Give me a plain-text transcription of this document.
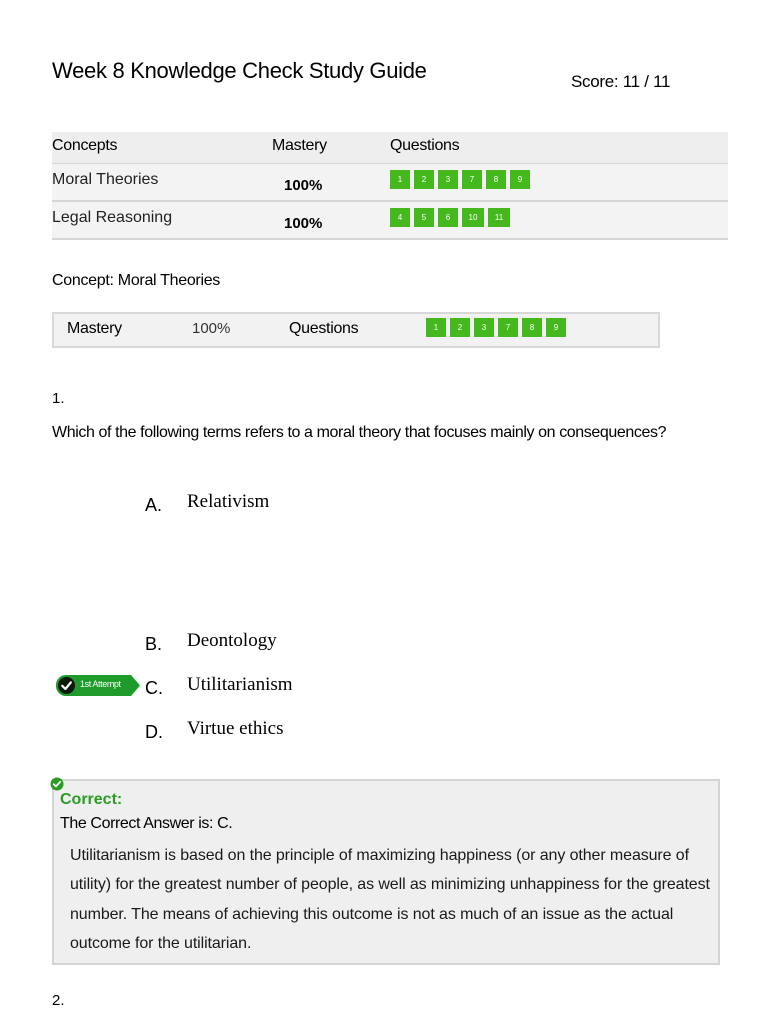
Week 8 Knowledge Check Study Guide	Score: 11 / 11
Concepts	Mastery	Questions
Moral Theories	100%	1 2 3 7 8 9
Legal Reasoning	100%	4 5 6 10 11
Concept: Moral Theories
Mastery	100%	Questions	1 2 3 7 8 9
1.
Which of the following terms refers to a moral theory that focuses mainly on consequences?
A. Relativism
B. Deontology
C. Utilitarianism
D. Virtue ethics
1st Attempt
Correct:
The Correct Answer is: C.
Utilitarianism is based on the principle of maximizing happiness (or any other measure of utility) for the greatest number of people, as well as minimizing unhappiness for the greatest number. The means of achieving this outcome is not as much of an issue as the actual outcome for the utilitarian.
2.
